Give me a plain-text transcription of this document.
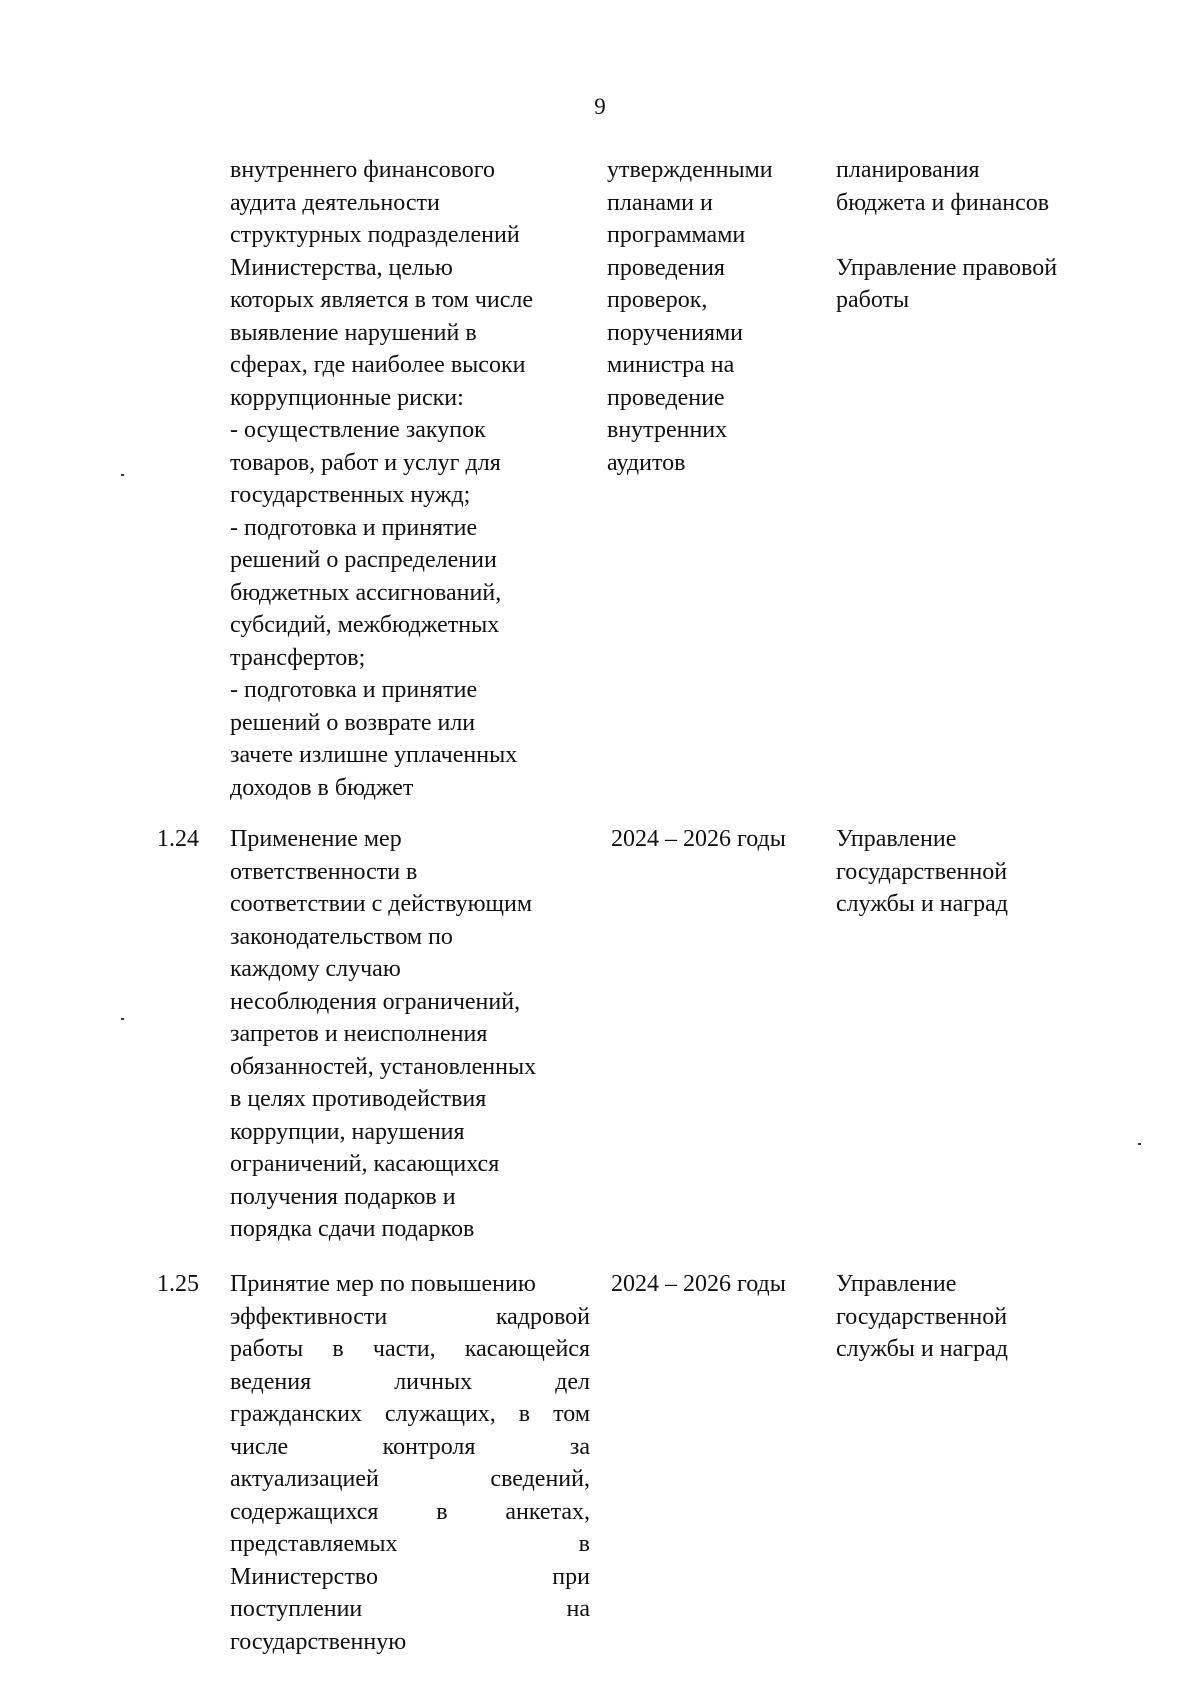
9
внутреннего финансового
аудита деятельности
структурных подразделений
Министерства, целью
которых является в том числе
выявление нарушений в
сферах, где наиболее высоки
коррупционные риски:
- осуществление закупок
товаров, работ и услуг для
государственных нужд;
- подготовка и принятие
решений о распределении
бюджетных ассигнований,
субсидий, межбюджетных
трансфертов;
- подготовка и принятие
решений о возврате или
зачете излишне уплаченных
доходов в бюджет
утвержденными
планами и
программами
проведения
проверок,
поручениями
министра на
проведение
внутренних
аудитов
планирования
бюджета и финансов

Управление правовой
работы
1.24 Применение мер
ответственности в
соответствии с действующим
законодательством по
каждому случаю
несоблюдения ограничений,
запретов и неисполнения
обязанностей, установленных
в целях противодействия
коррупции, нарушения
ограничений, касающихся
получения подарков и
порядка сдачи подарков
2024 – 2026 годы	Управление
государственной
службы и наград
1.25 Принятие мер по повышению
эффективности кадровой
работы в части, касающейся
ведения личных дел
гражданских служащих, в том
числе контроля за
актуализацией сведений,
содержащихся в анкетах,
представляемых в
Министерство при
поступлении на
государственную
2024 – 2026 годы	Управление
государственной
службы и наград
